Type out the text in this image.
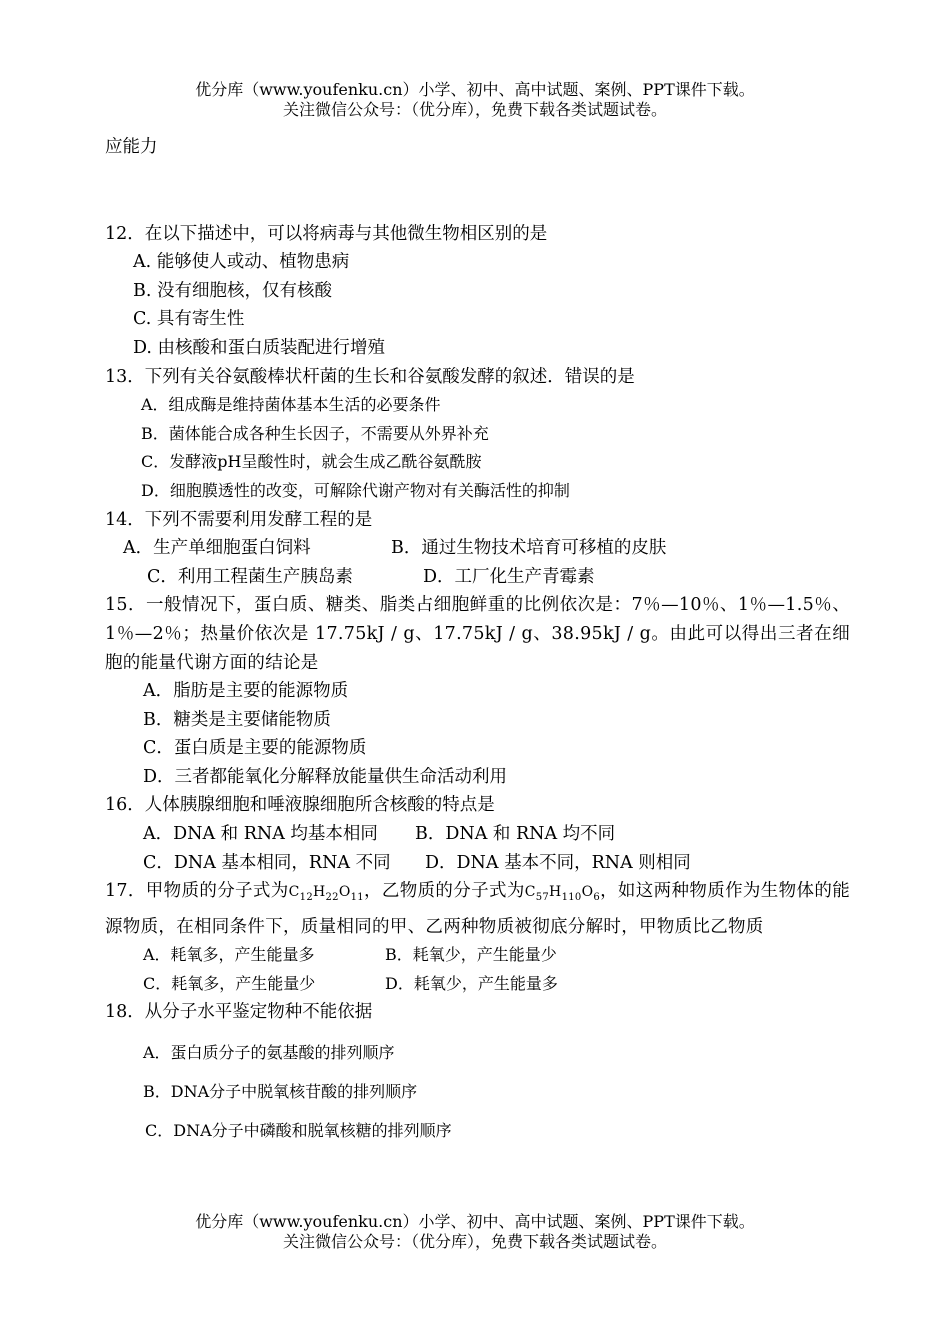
优分库（www.youfenku.cn）小学、初中、高中试题、案例、PPT课件下载。
关注微信公众号：（优分库），免费下载各类试题试卷。
应能力
12．在以下描述中，可以将病毒与其他微生物相区别的是
A. 能够使人或动、植物患病
B. 没有细胞核，仅有核酸
C. 具有寄生性
D. 由核酸和蛋白质装配进行增殖
13．下列有关谷氨酸棒状杆菌的生长和谷氨酸发酵的叙述．错误的是
A．组成酶是维持菌体基本生活的必要条件
B．菌体能合成各种生长因子，不需要从外界补充
C．发酵液pH呈酸性时，就会生成乙酰谷氨酰胺
D．细胞膜透性的改变，可解除代谢产物对有关酶活性的抑制
14．下列不需要利用发酵工程的是
A．生产单细胞蛋白饲料	B．通过生物技术培育可移植的皮肤
C．利用工程菌生产胰岛素	D．工厂化生产青霉素
15．一般情况下，蛋白质、糖类、脂类占细胞鲜重的比例依次是：7％—10％、1％—1.5％、1％—2％；热量价依次是 17.75kJ / g、17.75kJ / g、38.95kJ / g。由此可以得出三者在细胞的能量代谢方面的结论是
A．脂肪是主要的能源物质
B．糖类是主要储能物质
C．蛋白质是主要的能源物质
D．三者都能氧化分解释放能量供生命活动利用
16．人体胰腺细胞和唾液腺细胞所含核酸的特点是
A．DNA 和 RNA 均基本相同 B．DNA 和 RNA 均不同
C．DNA 基本相同，RNA 不同 D．DNA 基本不同，RNA 则相同
17．甲物质的分子式为$C_{12}H_{22}O_{11}$，乙物质的分子式为$C_{57}H_{110}O_6$，如这两种物质作为生物体的能源物质，在相同条件下，质量相同的甲、乙两种物质被彻底分解时，甲物质比乙物质
A．耗氧多，产生能量多	B．耗氧少，产生能量少
C．耗氧多，产生能量少	D．耗氧少，产生能量多
18．从分子水平鉴定物种不能依据
A．蛋白质分子的氨基酸的排列顺序
B．DNA分子中脱氧核苷酸的排列顺序
C．DNA分子中磷酸和脱氧核糖的排列顺序
优分库（www.youfenku.cn）小学、初中、高中试题、案例、PPT课件下载。
关注微信公众号：（优分库），免费下载各类试题试卷。
